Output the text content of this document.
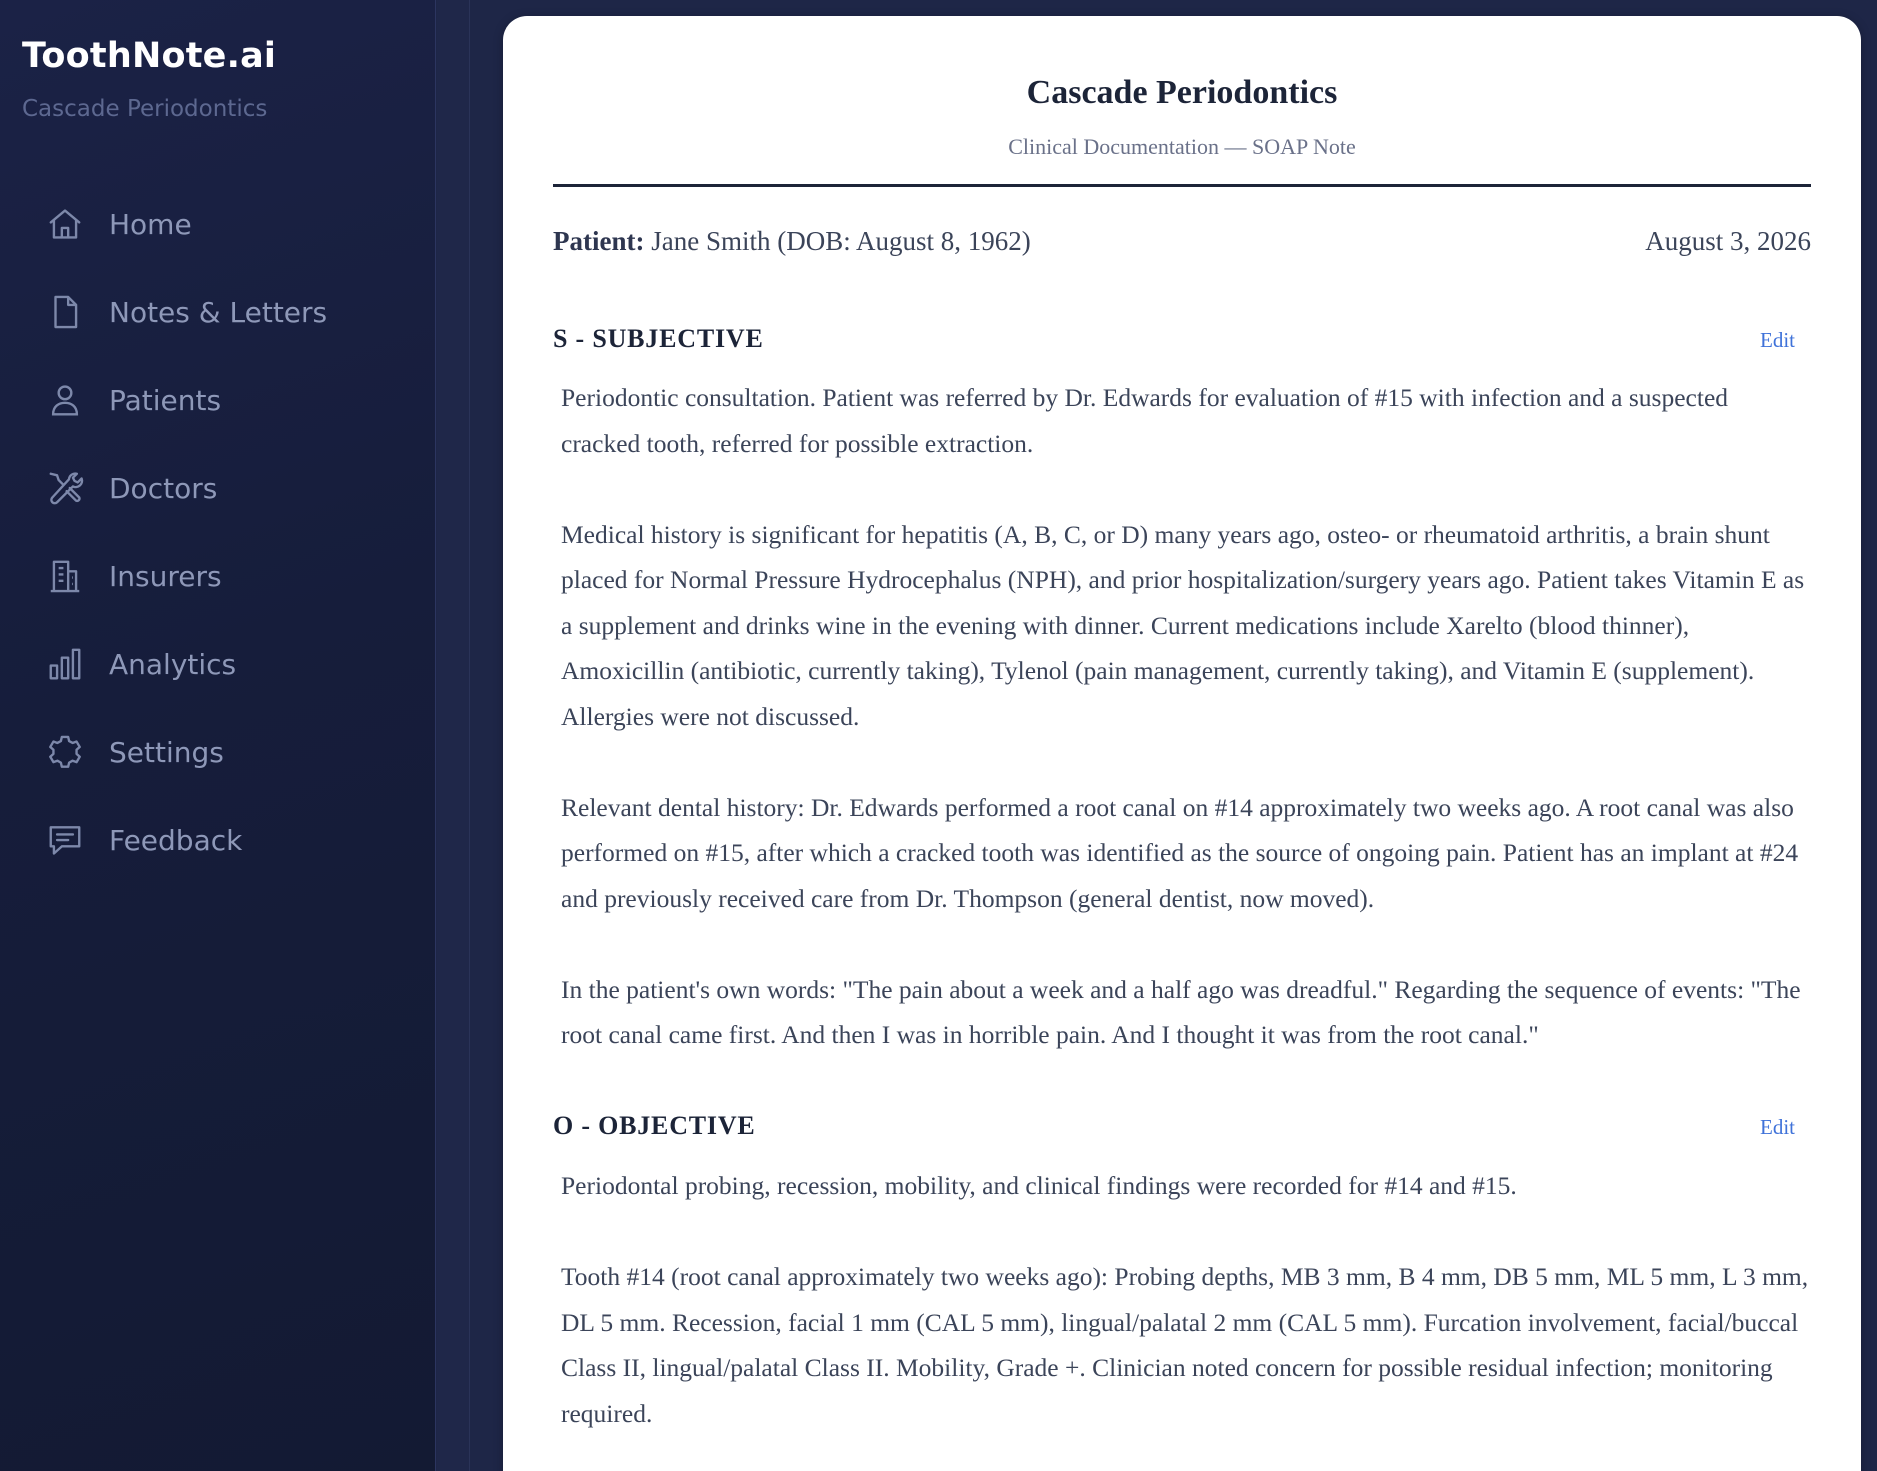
ToothNote.ai
Cascade Periodontics
Home
Notes & Letters
Patients
Doctors
Insurers
Analytics
Settings
Feedback
Cascade Periodontics
Clinical Documentation — SOAP Note
Patient: Jane Smith (DOB: August 8, 1962)	August 3, 2026
S - SUBJECTIVE	Edit

Periodontic consultation. Patient was referred by Dr. Edwards for evaluation of #15 with infection and a suspected cracked tooth, referred for possible extraction.

Medical history is significant for hepatitis (A, B, C, or D) many years ago, osteo- or rheumatoid arthritis, a brain shunt placed for Normal Pressure Hydrocephalus (NPH), and prior hospitalization/surgery years ago. Patient takes Vitamin E as a supplement and drinks wine in the evening with dinner. Current medications include Xarelto (blood thinner), Amoxicillin (antibiotic, currently taking), Tylenol (pain management, currently taking), and Vitamin E (supplement). Allergies were not discussed.

Relevant dental history: Dr. Edwards performed a root canal on #14 approximately two weeks ago. A root canal was also performed on #15, after which a cracked tooth was identified as the source of ongoing pain. Patient has an implant at #24 and previously received care from Dr. Thompson (general dentist, now moved).

In the patient's own words: "The pain about a week and a half ago was dreadful." Regarding the sequence of events: "The root canal came first. And then I was in horrible pain. And I thought it was from the root canal."

O - OBJECTIVE	Edit

Periodontal probing, recession, mobility, and clinical findings were recorded for #14 and #15.

Tooth #14 (root canal approximately two weeks ago): Probing depths, MB 3 mm, B 4 mm, DB 5 mm, ML 5 mm, L 3 mm, DL 5 mm. Recession, facial 1 mm (CAL 5 mm), lingual/palatal 2 mm (CAL 5 mm). Furcation involvement, facial/buccal Class II, lingual/palatal Class II. Mobility, Grade +. Clinician noted concern for possible residual infection; monitoring required.
